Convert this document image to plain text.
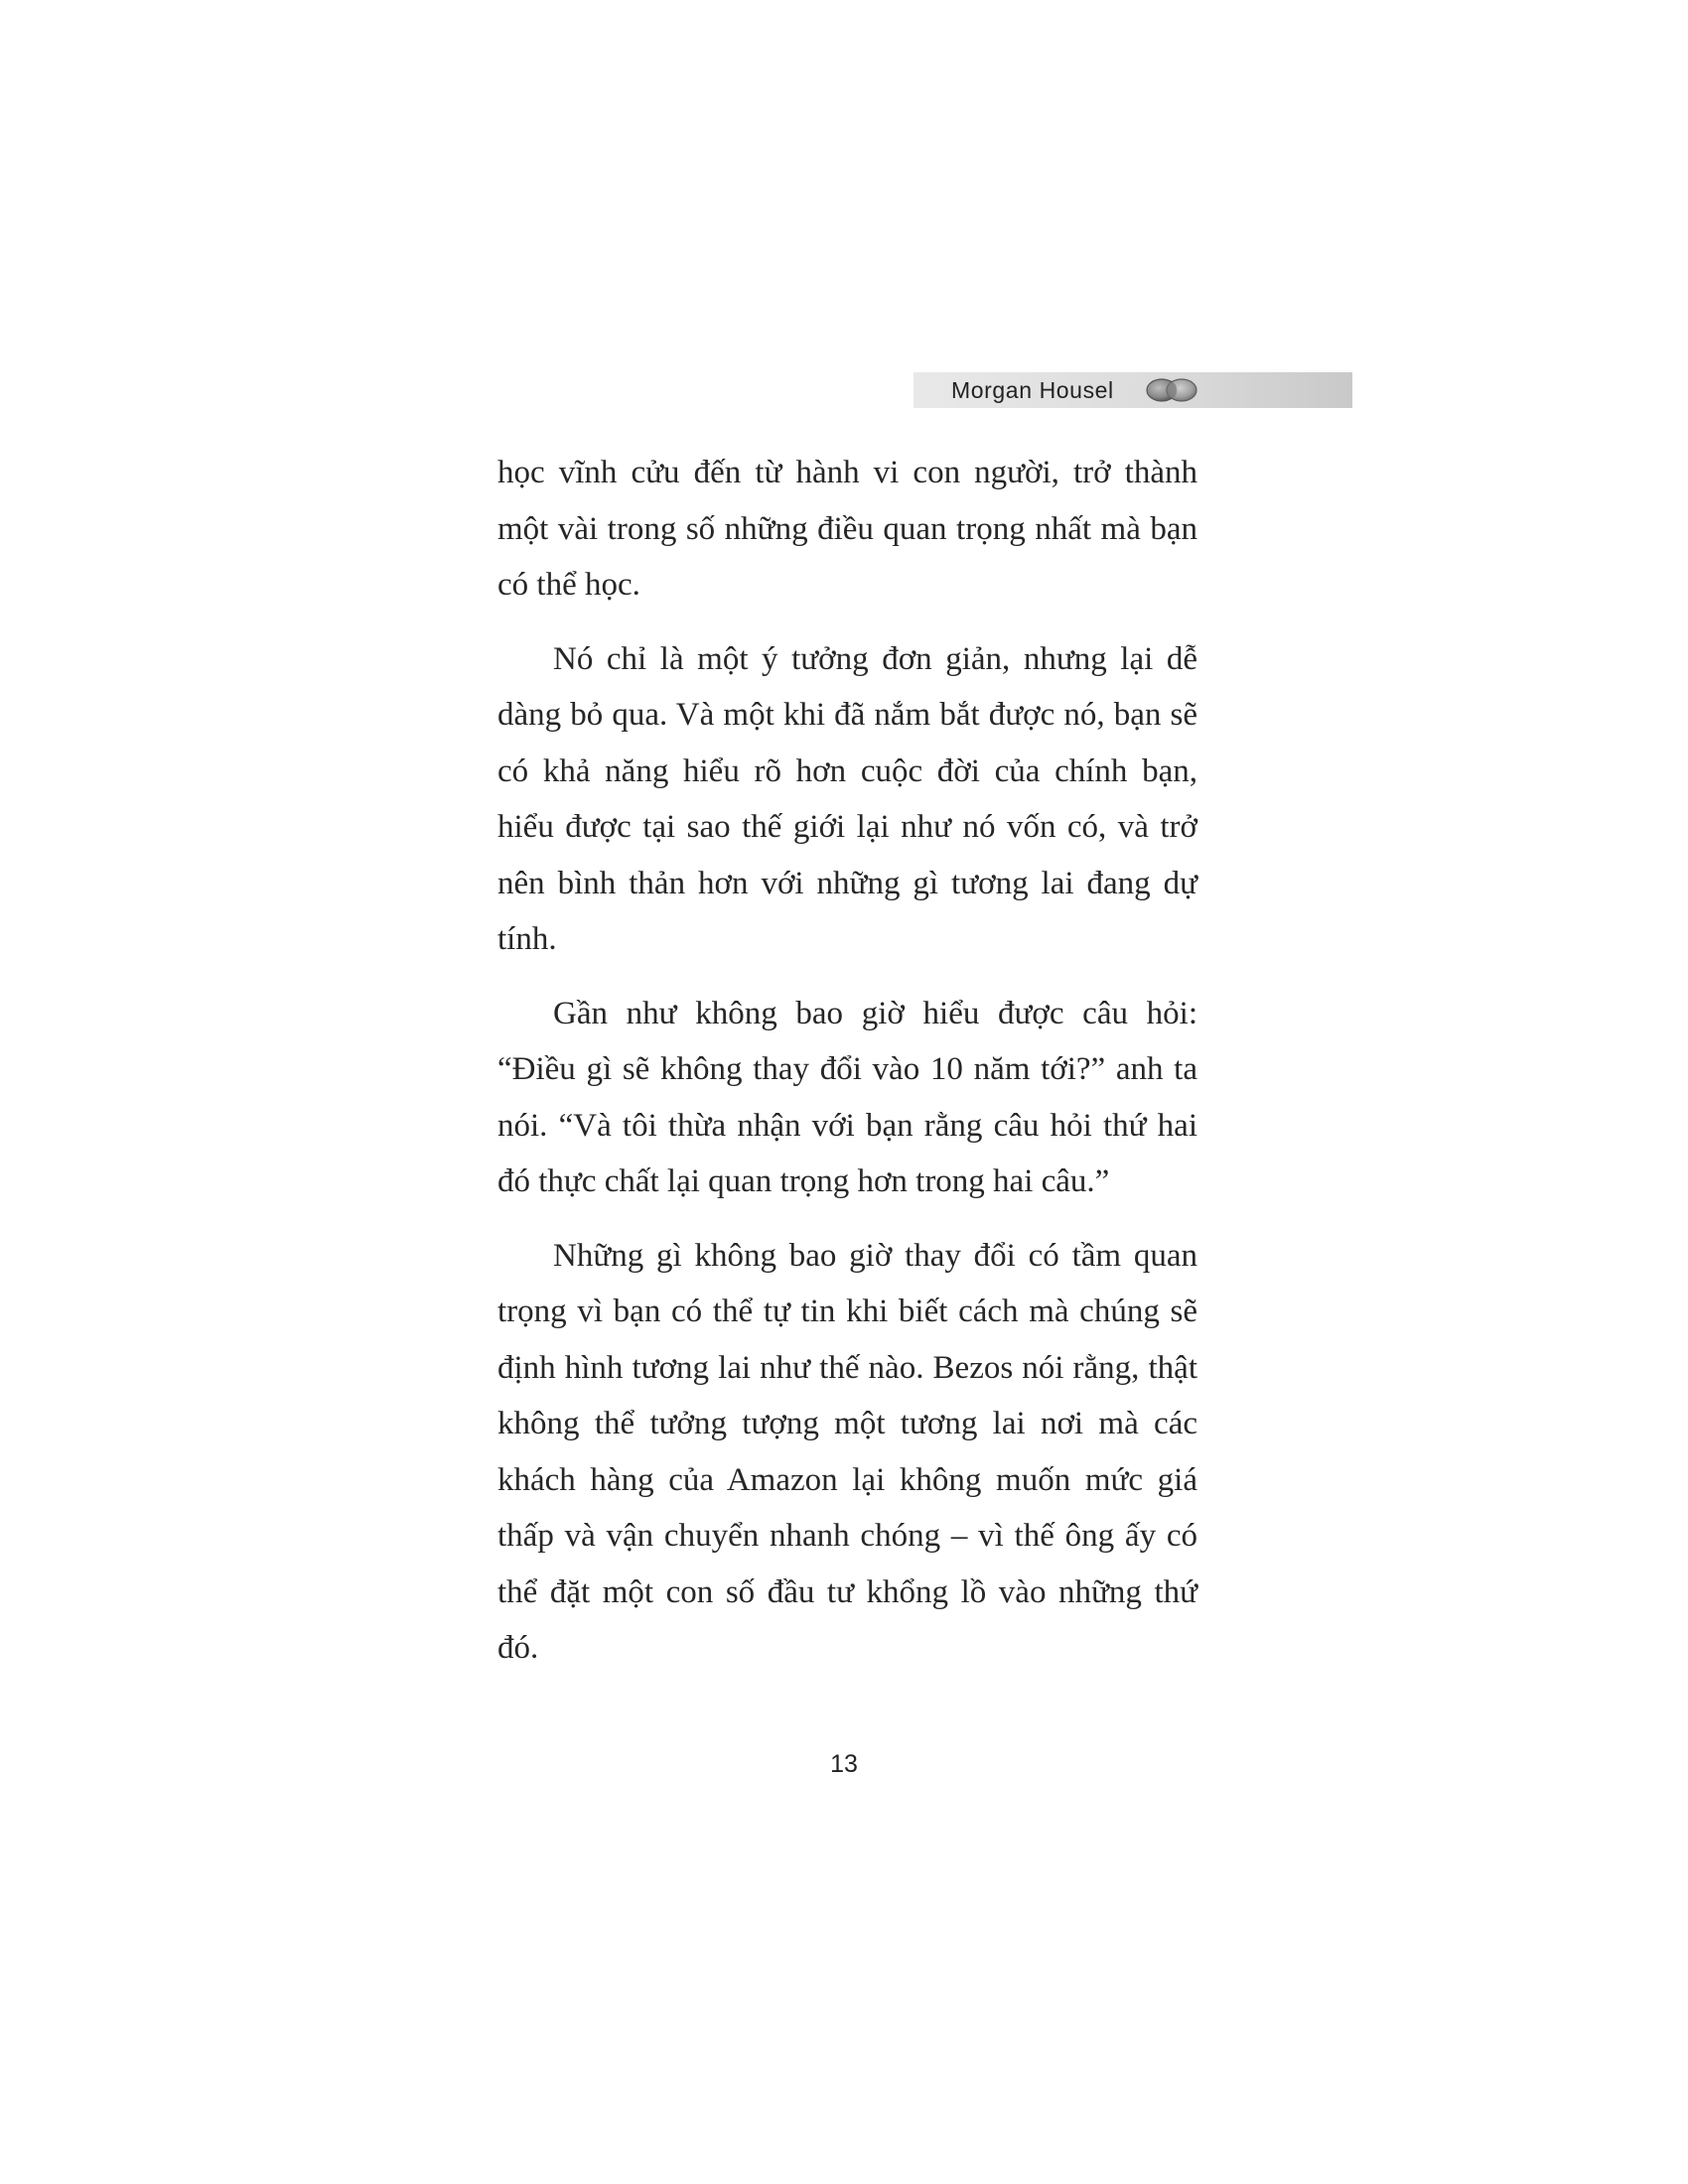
Morgan Housel

học vĩnh cửu đến từ hành vi con người, trở thành một vài trong số những điều quan trọng nhất mà bạn có thể học.

Nó chỉ là một ý tưởng đơn giản, nhưng lại dễ dàng bỏ qua. Và một khi đã nắm bắt được nó, bạn sẽ có khả năng hiểu rõ hơn cuộc đời của chính bạn, hiểu được tại sao thế giới lại như nó vốn có, và trở nên bình thản hơn với những gì tương lai đang dự tính.

Gần như không bao giờ hiểu được câu hỏi: “Điều gì sẽ không thay đổi vào 10 năm tới?” anh ta nói. “Và tôi thừa nhận với bạn rằng câu hỏi thứ hai đó thực chất lại quan trọng hơn trong hai câu.”

Những gì không bao giờ thay đổi có tầm quan trọng vì bạn có thể tự tin khi biết cách mà chúng sẽ định hình tương lai như thế nào. Bezos nói rằng, thật không thể tưởng tượng một tương lai nơi mà các khách hàng của Amazon lại không muốn mức giá thấp và vận chuyển nhanh chóng – vì thế ông ấy có thể đặt một con số đầu tư khổng lồ vào những thứ đó.

13
